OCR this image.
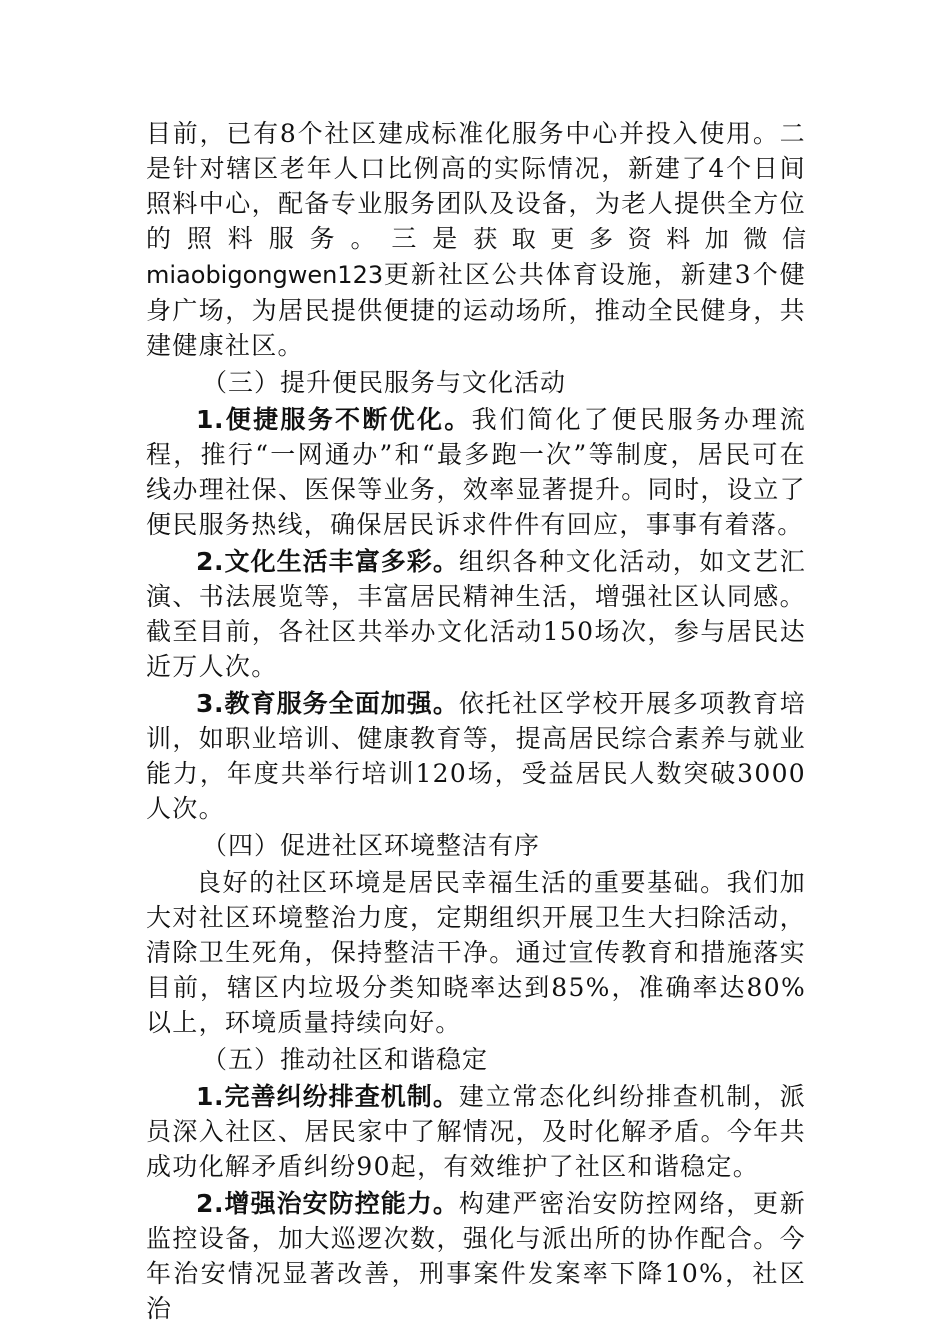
目前，已有8个社区建成标准化服务中心并投入使用。二是针对辖区老年人口比例高的实际情况，新建了4个日间照料中心，配备专业服务团队及设备，为老人提供全方位的照料服务。三是获取更多资料加微信 miaobigongwen123更新社区公共体育设施，新建3个健身广场，为居民提供便捷的运动场所，推动全民健身，共建健康社区。

（三）提升便民服务与文化活动

1.便捷服务不断优化。我们简化了便民服务办理流程，推行“一网通办”和“最多跑一次”等制度，居民可在线办理社保、医保等业务，效率显著提升。同时，设立了便民服务热线，确保居民诉求件件有回应，事事有着落。

2.文化生活丰富多彩。组织各种文化活动，如文艺汇演、书法展览等，丰富居民精神生活，增强社区认同感。截至目前，各社区共举办文化活动150场次，参与居民达近万人次。

3.教育服务全面加强。依托社区学校开展多项教育培训，如职业培训、健康教育等，提高居民综合素养与就业能力，年度共举行培训120场，受益居民人数突破3000人次。

（四）促进社区环境整洁有序

良好的社区环境是居民幸福生活的重要基础。我们加大对社区环境整治力度，定期组织开展卫生大扫除活动，清除卫生死角，保持整洁干净。通过宣传教育和措施落实目前，辖区内垃圾分类知晓率达到85%，准确率达80%以上，环境质量持续向好。

（五）推动社区和谐稳定

1.完善纠纷排查机制。建立常态化纠纷排查机制，派员深入社区、居民家中了解情况，及时化解矛盾。今年共成功化解矛盾纠纷90起，有效维护了社区和谐稳定。

2.增强治安防控能力。构建严密治安防控网络，更新监控设备，加大巡逻次数，强化与派出所的协作配合。今年治安情况显著改善，刑事案件发案率下降10%，社区治
